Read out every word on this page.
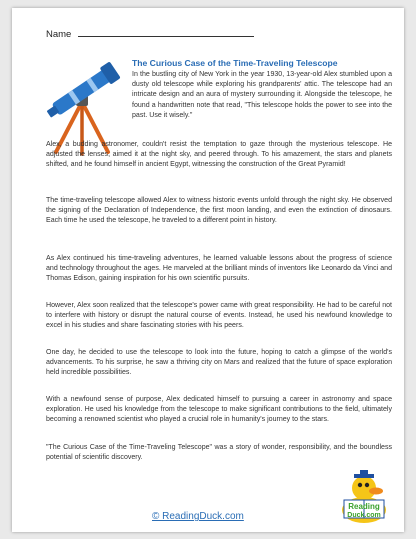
Name
The Curious Case of the Time-Traveling Telescope

In the bustling city of New York in the year 1930, 13-year-old Alex stumbled upon a dusty old telescope while exploring his grandparents' attic. The telescope had an intricate design and an aura of mystery surrounding it. Alongside the telescope, he found a handwritten note that read, "This telescope holds the power to see into the past. Use it wisely."

Alex, a budding astronomer, couldn't resist the temptation to gaze through the mysterious telescope. He adjusted the lenses, aimed it at the night sky, and peered through. To his amazement, the stars and planets shifted, and he found himself in ancient Egypt, witnessing the construction of the Great Pyramid!

The time-traveling telescope allowed Alex to witness historic events unfold through the night sky. He observed the signing of the Declaration of Independence, the first moon landing, and even the extinction of dinosaurs. Each time he used the telescope, he traveled to a different point in history.

As Alex continued his time-traveling adventures, he learned valuable lessons about the progress of science and technology throughout the ages. He marveled at the brilliant minds of inventors like Leonardo da Vinci and Thomas Edison, gaining inspiration for his own scientific pursuits.

However, Alex soon realized that the telescope's power came with great responsibility. He had to be careful not to interfere with history or disrupt the natural course of events. Instead, he used his newfound knowledge to excel in his studies and share fascinating stories with his peers.

One day, he decided to use the telescope to look into the future, hoping to catch a glimpse of the world's advancements. To his surprise, he saw a thriving city on Mars and realized that the future of space exploration held incredible possibilities.

With a newfound sense of purpose, Alex dedicated himself to pursuing a career in astronomy and space exploration. He used his knowledge from the telescope to make significant contributions to the field, ultimately becoming a renowned scientist who played a crucial role in humanity's journey to the stars.

"The Curious Case of the Time-Traveling Telescope" was a story of wonder, responsibility, and the boundless potential of scientific discovery.

© ReadingDuck.com
Reading
Duck.com
